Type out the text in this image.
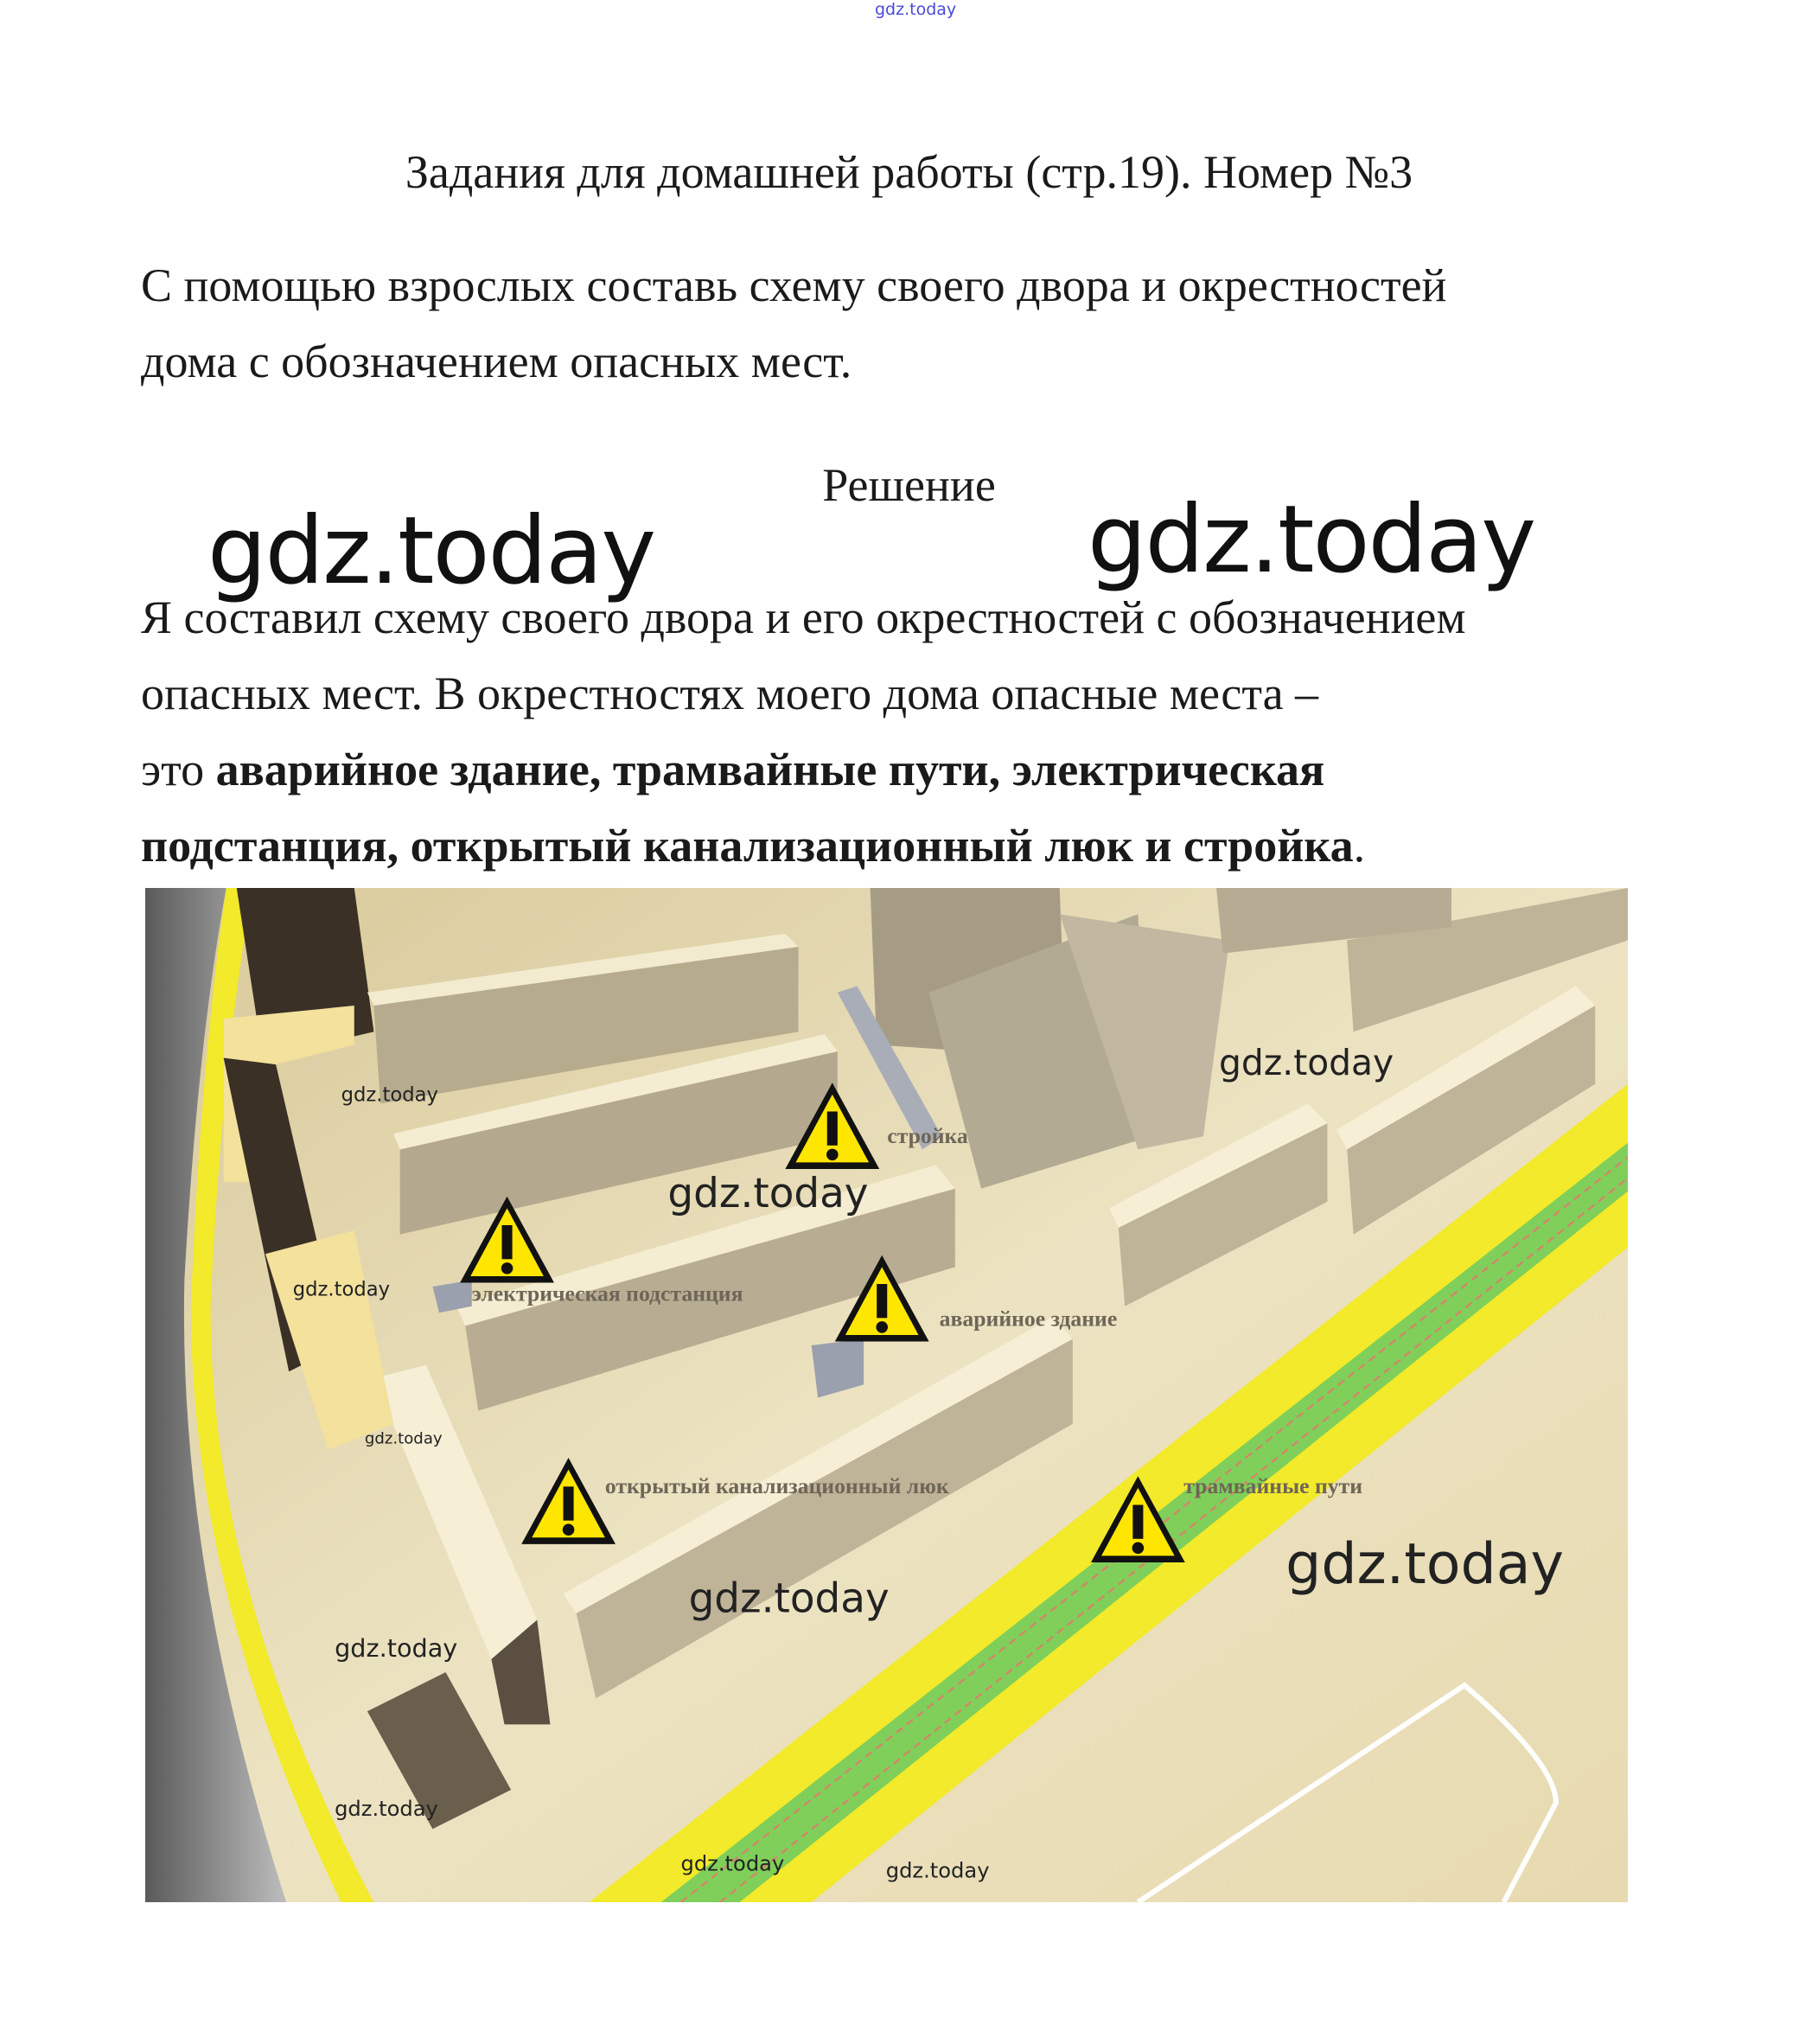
gdz.today
Задания для домашней работы (стр.19). Номер №3
С помощью взрослых составь схему своего двора и окрестностей
дома с обозначением опасных мест.
Решение
gdz.today	gdz.today
Я составил схему своего двора и его окрестностей с обозначением
опасных мест. В окрестностях моего дома опасные места –
это аварийное здание, трамвайные пути, электрическая
подстанция, открытый канализационный люк и стройка.
стройка
электрическая подстанция
аварийное здание
открытый канализационный люк	трамвайные пути
gdz.today
gdz.today
gdz.today
gdz.today
gdz.today
gdz.today
gdz.today
gdz.today
gdz.today
gdz.today	gdz.today
